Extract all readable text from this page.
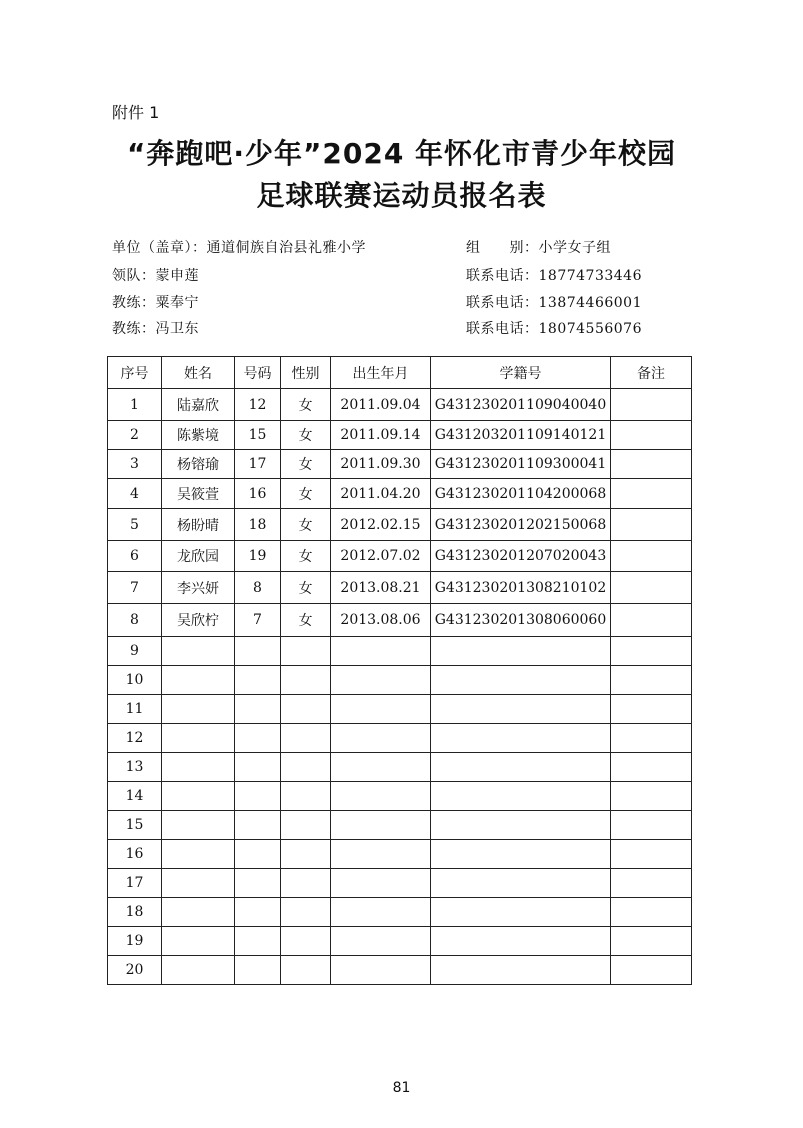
附件 1
“奔跑吧·少年”2024 年怀化市青少年校园
足球联赛运动员报名表
单位（盖章）：通道侗族自治县礼雅小学	组　　别：小学女子组
领队：蒙申莲	联系电话：18774733446
教练：粟奉宁	联系电话：13874466001
教练：冯卫东	联系电话：18074556076
序号	姓名	号码	性别	出生年月	学籍号	备注
1	陆嘉欣	12	女	2011.09.04	G431230201109040040	
2	陈紫境	15	女	2011.09.14	G431203201109140121	
3	杨镕瑜	17	女	2011.09.30	G431230201109300041	
4	吴筱萱	16	女	2011.04.20	G431230201104200068	
5	杨盼晴	18	女	2012.02.15	G431230201202150068	
6	龙欣园	19	女	2012.07.02	G431230201207020043	
7	李兴妍	8	女	2013.08.21	G431230201308210102	
8	吴欣柠	7	女	2013.08.06	G431230201308060060	
9						
10						
11						
12						
13						
14						
15						
16						
17						
18						
19						
20						
81
